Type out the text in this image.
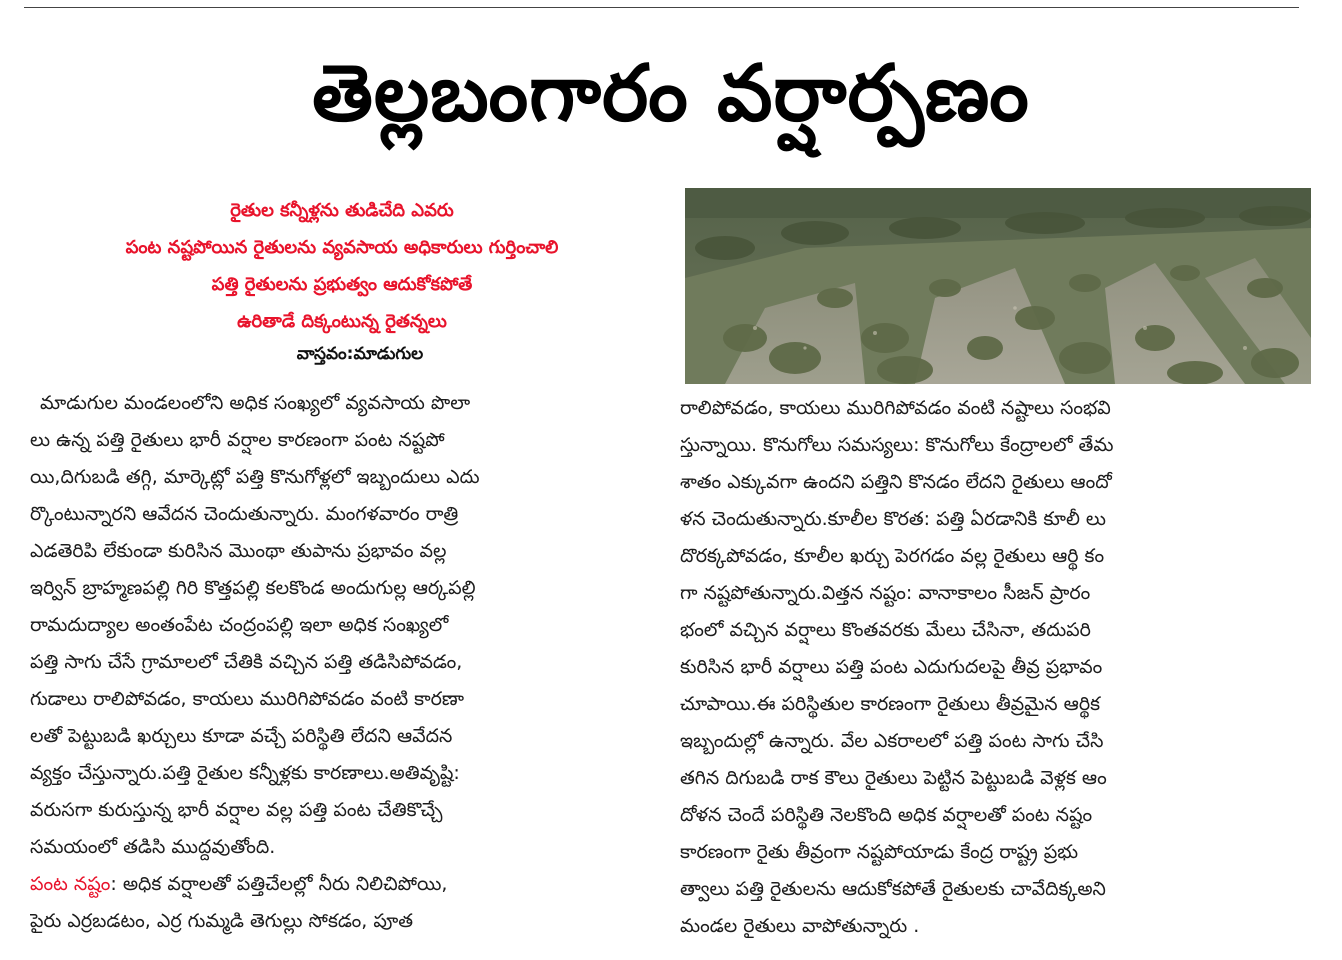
తెల్లబంగారం వర్షార్పణం
రైతుల కన్నీళ్లను తుడిచేది ఎవరు
పంట నష్టపోయిన రైతులను వ్యవసాయ అధికారులు గుర్తించాలి
పత్తి రైతులను ప్రభుత్వం ఆదుకోకపోతే
ఉరితాడే దిక్కంటున్న రైతన్నలు
వాస్తవం:మాడుగుల
మాడుగుల మండలంలోని అధిక సంఖ్యలో వ్యవసాయ పొలా
లు ఉన్న పత్తి రైతులు భారీ వర్షాల కారణంగా పంట నష్టపో
యి,దిగుబడి తగ్గి, మార్కెట్లో పత్తి కొనుగోళ్లలో ఇబ్బందులు ఎదు
ర్కొంటున్నారని ఆవేదన చెందుతున్నారు. మంగళవారం రాత్రి
ఎడతెరిపి లేకుండా కురిసిన మొంథా తుపాను ప్రభావం వల్ల
ఇర్విన్ బ్రాహ్మణపల్లి గిరి కొత్తపల్లి కలకొండ అందుగుల్ల ఆర్కపల్లి
రామదుద్యాల అంతంపేట చంద్రంపల్లి ఇలా అధిక సంఖ్యలో
పత్తి సాగు చేసే గ్రామాలలో చేతికి వచ్చిన పత్తి తడిసిపోవడం,
గుడాలు రాలిపోవడం, కాయలు మురిగిపోవడం వంటి కారణా
లతో పెట్టుబడి ఖర్చులు కూడా వచ్చే పరిస్థితి లేదని ఆవేదన
వ్యక్తం చేస్తున్నారు.పత్తి రైతుల కన్నీళ్లకు కారణాలు.అతివృష్టి:
వరుసగా కురుస్తున్న భారీ వర్షాల వల్ల పత్తి పంట చేతికొచ్చే
సమయంలో తడిసి ముద్దవుతోంది.
పంట నష్టం: అధిక వర్షాలతో పత్తిచేలల్లో నీరు నిలిచిపోయి,
పైరు ఎర్రబడటం, ఎర్ర గుమ్మడి తెగుల్లు సోకడం, పూత
రాలిపోవడం, కాయలు మురిగిపోవడం వంటి నష్టాలు సంభవి
స్తున్నాయి. కొనుగోలు సమస్యలు: కొనుగోలు కేంద్రాలలో తేమ
శాతం ఎక్కువగా ఉందని పత్తిని కొనడం లేదని రైతులు ఆందో
ళన చెందుతున్నారు.కూలీల కొరత: పత్తి ఏరడానికి కూలీ లు
దొరక్కపోవడం, కూలీల ఖర్చు పెరగడం వల్ల రైతులు ఆర్థి కం
గా నష్టపోతున్నారు.విత్తన నష్టం: వానాకాలం సీజన్ ప్రారం
భంలో వచ్చిన వర్షాలు కొంతవరకు మేలు చేసినా, తదుపరి
కురిసిన భారీ వర్షాలు పత్తి పంట ఎదుగుదలపై తీవ్ర ప్రభావం
చూపాయి.ఈ పరిస్థితుల కారణంగా రైతులు తీవ్రమైన ఆర్థిక
ఇబ్బందుల్లో ఉన్నారు. వేల ఎకరాలలో పత్తి పంట సాగు చేసి
తగిన దిగుబడి రాక కౌలు రైతులు పెట్టిన పెట్టుబడి వెళ్లక ఆం
దోళన చెందే పరిస్థితి నెలకొంది అధిక వర్షాలతో పంట నష్టం
కారణంగా రైతు తీవ్రంగా నష్టపోయాడు కేంద్ర రాష్ట్ర ప్రభు
త్వాలు పత్తి రైతులను ఆదుకోకపోతే రైతులకు చావేదిక్కఅని
మండల రైతులు వాపోతున్నారు .
